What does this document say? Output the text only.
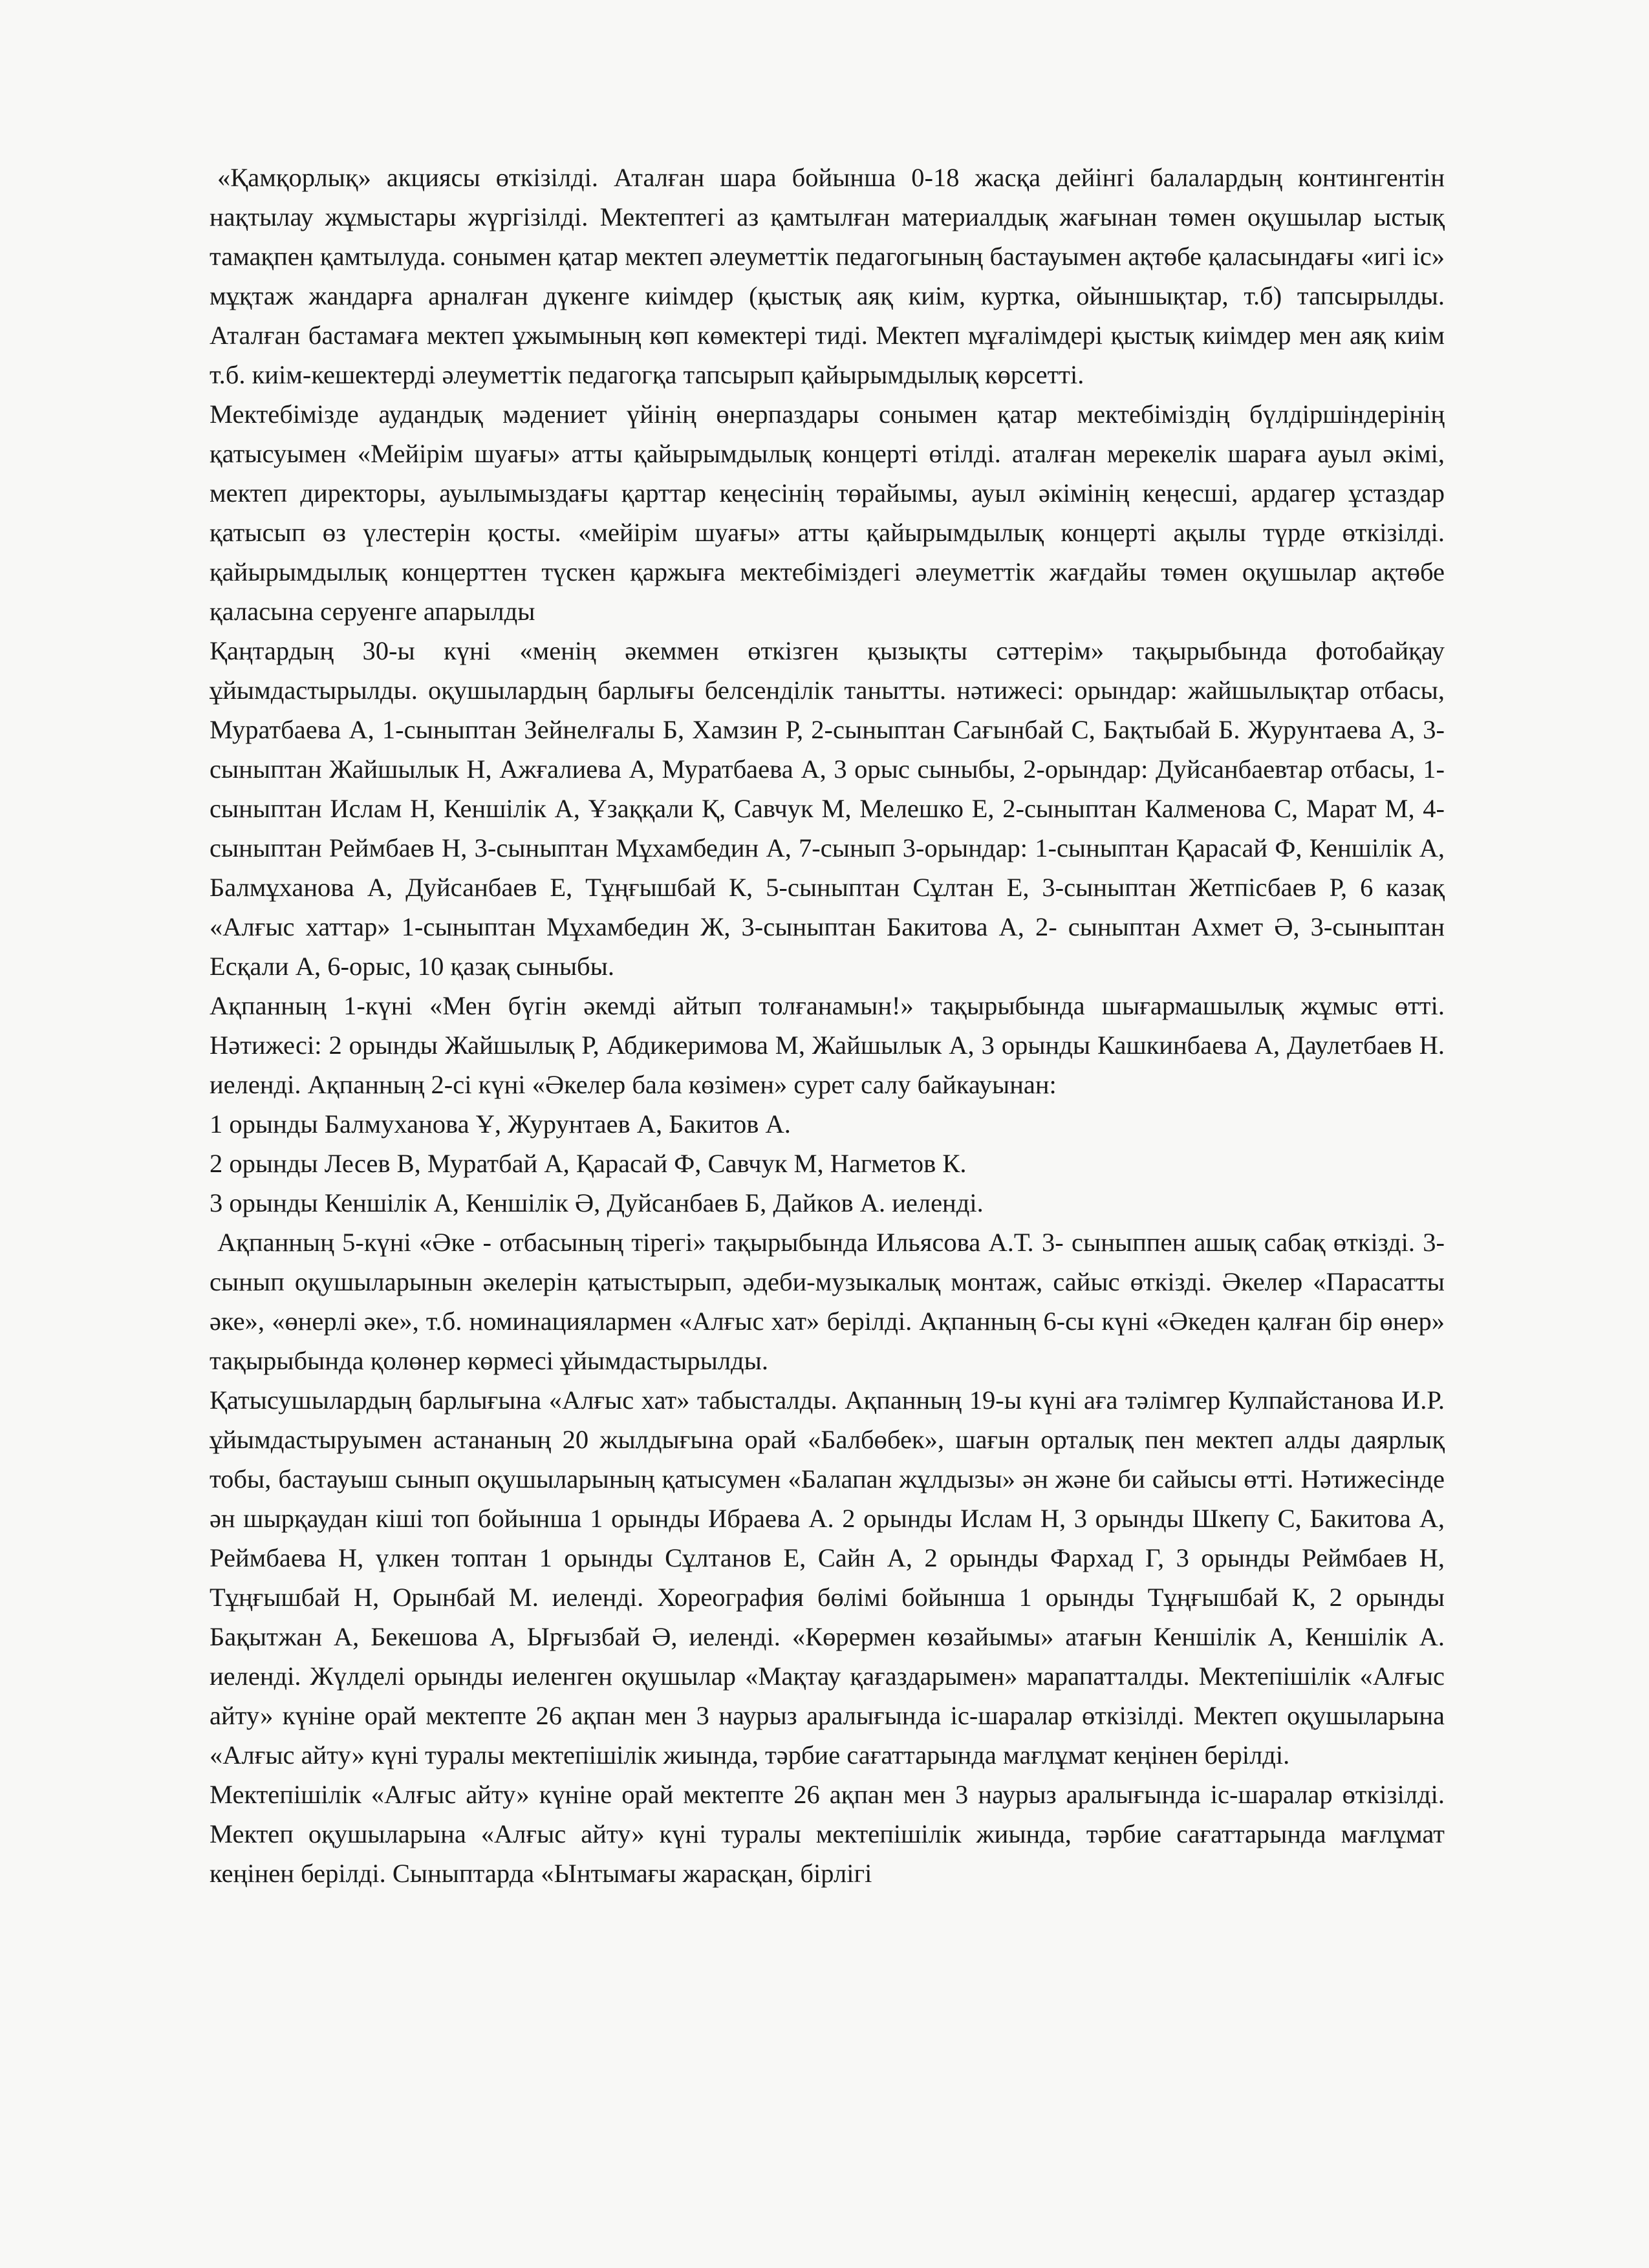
«Қамқорлық» акциясы өткізілді. Аталған шара бойынша 0-18 жасқа дейінгі балалардың контингентін нақтылау жұмыстары жүргізілді. Мектептегі аз қамтылған материалдық жағынан төмен оқушылар ыстық тамақпен қамтылуда. сонымен қатар мектеп әлеуметтік педагогының бастауымен ақтөбе қаласындағы «игі іс» мұқтаж жандарға арналған дүкенге киімдер (қыстық аяқ киім, куртка, ойыншықтар, т.б) тапсырылды. Аталған бастамаға мектеп ұжымының көп көмектері тиді. Мектеп мұғалімдері қыстық киімдер мен аяқ киім т.б. киім-кешектерді әлеуметтік педагогқа тапсырып қайырымдылық көрсетті.

Мектебімізде аудандық мәдениет үйінің өнерпаздары сонымен қатар мектебіміздің бүлдіршіндерінің қатысуымен «Мейірім шуағы» атты қайырымдылық концерті өтілді. аталған мерекелік шараға ауыл әкімі, мектеп директоры, ауылымыздағы қарттар кеңесінің төрайымы, ауыл әкімінің кеңесші, ардагер ұстаздар қатысып өз үлестерін қосты. «мейірім шуағы» атты қайырымдылық концерті ақылы түрде өткізілді. қайырымдылық концерттен түскен қаржыға мектебіміздегі әлеуметтік жағдайы төмен оқушылар ақтөбе қаласына серуенге апарылды

Қаңтардың 30-ы күні «менің әкеммен өткізген қызықты сәттерім» тақырыбында фотобайқау ұйымдастырылды. оқушылардың барлығы белсенділік танытты. нәтижесі: орындар: жайшылықтар отбасы, Муратбаева А, 1-сыныптан Зейнелғалы Б, Хамзин Р, 2-сыныптан Сағынбай С, Бақтыбай Б. Журунтаева А, 3-сыныптан Жайшылык Н, Ажғалиева А, Муратбаева А, 3 орыс сыныбы, 2-орындар: Дуйсанбаевтар отбасы, 1-сыныптан Ислам Н, Кеншілік А, Ұзаққали Қ, Савчук М, Мелешко Е, 2-сыныптан Калменова С, Марат М, 4-сыныптан Реймбаев Н, 3-сыныптан Мұхамбедин А, 7-сынып 3-орындар: 1-сыныптан Қарасай Ф, Кеншілік А, Балмұханова А, Дуйсанбаев Е, Тұңғышбай К, 5-сыныптан Сұлтан Е, 3-сыныптан Жетпісбаев Р, 6 казақ «Алғыс хаттар» 1-сыныптан Мұхамбедин Ж, 3-сыныптан Бакитова А, 2- сыныптан Ахмет Ә, 3-сыныптан Есқали А, 6-орыс, 10 қазақ сыныбы.

Ақпанның 1-күні «Мен бүгін әкемді айтып толғанамын!» тақырыбында шығармашылық жұмыс өтті. Нәтижесі: 2 орынды Жайшылық Р, Абдикеримова М, Жайшылык А, 3 орынды Кашкинбаева А, Даулетбаев Н. иеленді. Ақпанның 2-сі күні «Әкелер бала көзімен» сурет салу байкауынан:

1 орынды Балмуханова Ұ, Журунтаев А, Бакитов А.

2 орынды Лесев В, Муратбай А, Қарасай Ф, Савчук М, Нагметов К.

3 орынды Кеншілік А, Кеншілік Ә, Дуйсанбаев Б, Дайков А. иеленді.

Ақпанның 5-күні «Әке - отбасының тірегі» тақырыбында Ильясова А.Т. 3- сыныппен ашық сабақ өткізді. 3-сынып оқушыларынын әкелерін қатыстырып, әдеби-музыкалық монтаж, сайыс өткізді. Әкелер «Парасатты әке», «өнерлі әке», т.б. номинациялармен «Алғыс хат» берілді. Ақпанның 6-сы күні «Әкеден қалған бір өнер» тақырыбында қолөнер көрмесі ұйымдастырылды.

Қатысушылардың барлығына «Алғыс хат» табысталды. Ақпанның 19-ы күні аға тәлімгер Кулпайстанова И.Р. ұйымдастыруымен астананың 20 жылдығына орай «Балбөбек», шағын орталық пен мектеп алды даярлық тобы, бастауыш сынып оқушыларының қатысумен «Балапан жұлдызы» ән және би сайысы өтті. Нәтижесінде ән шырқаудан кіші топ бойынша 1 орынды Ибраева А. 2 орынды Ислам Н, 3 орынды Шкепу С, Бакитова А, Реймбаева Н, үлкен топтан 1 орынды Сұлтанов Е, Сайн А, 2 орынды Фархад Г, 3 орынды Реймбаев Н, Тұңғышбай Н, Орынбай М. иеленді. Хореография бөлімі бойынша 1 орынды Тұңғышбай К, 2 орынды Бақытжан А, Бекешова А, Ырғызбай Ә, иеленді. «Көрермен көзайымы» атағын Кеншілік А, Кеншілік А. иеленді. Жүлделі орынды иеленген оқушылар «Мақтау қағаздарымен» марапатталды. Мектепішілік «Алғыс айту» күніне орай мектепте 26 ақпан мен 3 наурыз аралығында іс-шаралар өткізілді. Мектеп оқушыларына «Алғыс айту» күні туралы мектепішілік жиында, тәрбие сағаттарында мағлұмат кеңінен берілді.

Мектепішілік «Алғыс айту» күніне орай мектепте 26 ақпан мен 3 наурыз аралығында іс-шаралар өткізілді. Мектеп оқушыларына «Алғыс айту» күні туралы мектепішілік жиында, тәрбие сағаттарында мағлұмат кеңінен берілді. Сыныптарда «Ынтымағы жарасқан, бірлігі
